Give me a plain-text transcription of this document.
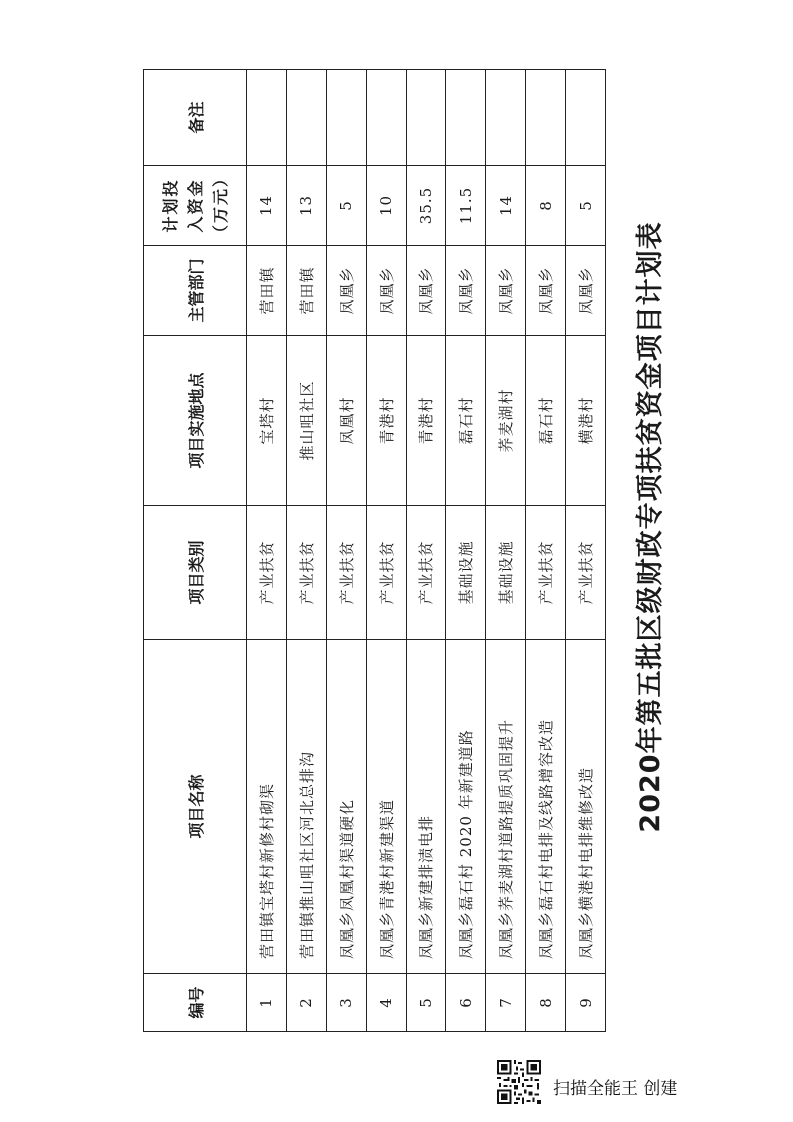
2020年第五批区级财政专项扶贫资金项目计划表
编号	项目名称	项目类别	项目实施地点	主管部门	计划投入资金（万元）	备注
1	营田镇宝塔村新修村砌渠	产业扶贫	宝塔村	营田镇	14	
2	营田镇推山咀社区河北总排沟	产业扶贫	推山咀社区	营田镇	13	
3	凤凰乡凤凰村渠道硬化	产业扶贫	凤凰村	凤凰乡	5	
4	凤凰乡青港村新建渠道	产业扶贫	青港村	凤凰乡	10	
5	凤凰乡新建排渍电排	产业扶贫	青港村	凤凰乡	35.5	
6	凤凰乡磊石村 2020 年新建道路	基础设施	磊石村	凤凰乡	11.5	
7	凤凰乡荞麦湖村道路提质巩固提升	基础设施	荞麦湖村	凤凰乡	14	
8	凤凰乡磊石村电排及线路增容改造	产业扶贫	磊石村	凤凰乡	8	
9	凤凰乡横港村电排维修改造	产业扶贫	横港村	凤凰乡	5	
扫描全能王 创建
